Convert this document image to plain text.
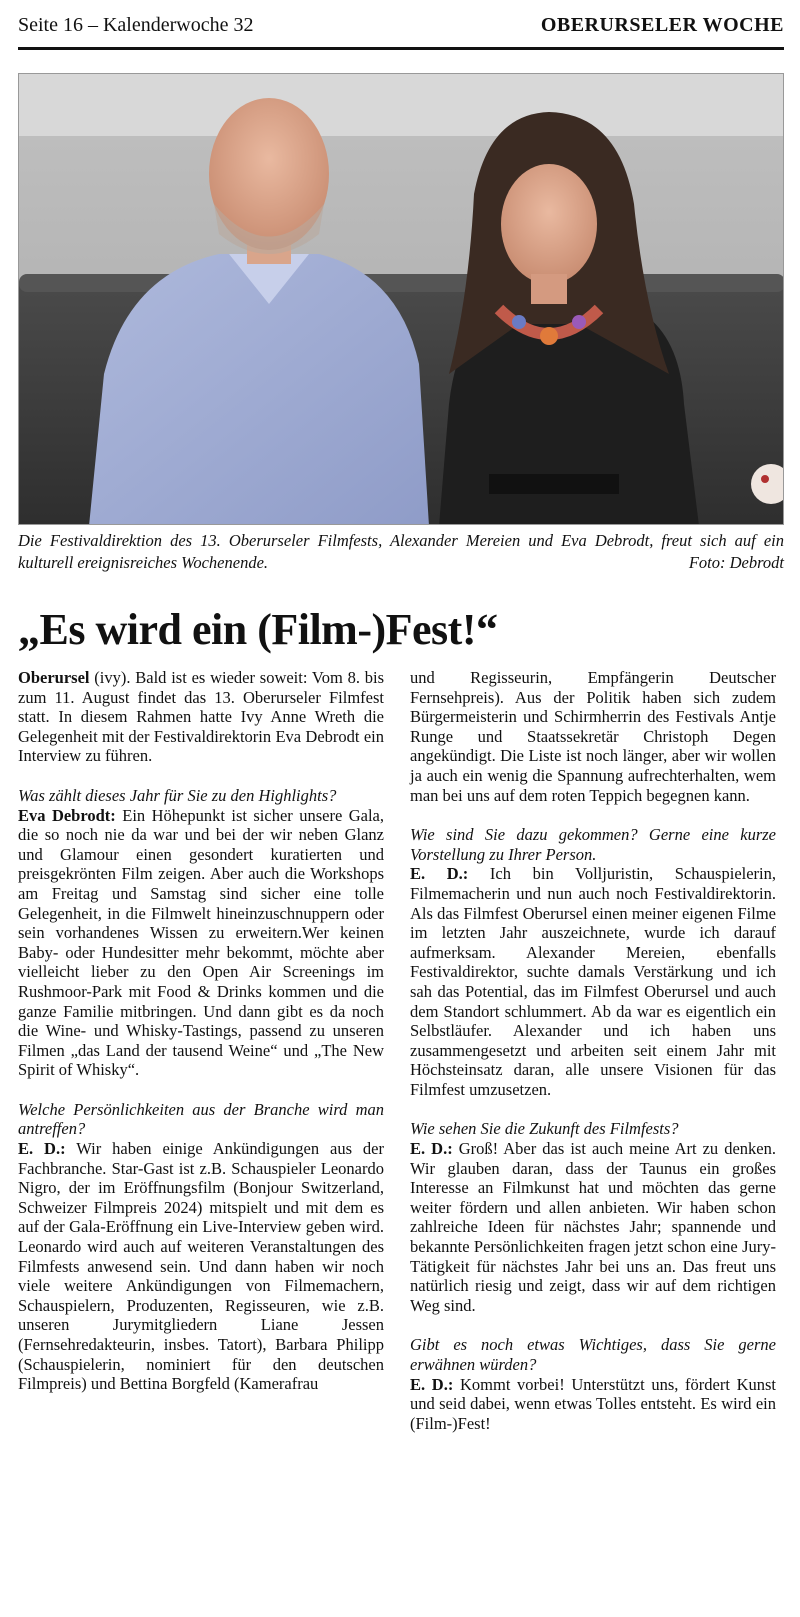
Seite 16 – Kalenderwoche 32	OBERURSELER WOCHE
Die Festivaldirektion des 13. Oberurseler Filmfests, Alexander Mereien und Eva Debrodt, freut sich auf ein kulturell ereignisreiches Wochenende.	Foto: Debrodt
„Es wird ein (Film-)Fest!“

Oberursel (ivy). Bald ist es wieder soweit: Vom 8. bis zum 11. August findet das 13. Oberurseler Filmfest statt. In diesem Rahmen hatte Ivy Anne Wreth die Gelegenheit mit der Festivaldirektorin Eva Debrodt ein Interview zu führen.

Was zählt dieses Jahr für Sie zu den Highlights?

Eva Debrodt: Ein Höhepunkt ist sicher unsere Gala, die so noch nie da war und bei der wir neben Glanz und Glamour einen gesondert kuratierten und preisgekrönten Film zeigen. Aber auch die Workshops am Freitag und Samstag sind sicher eine tolle Gelegenheit, in die Filmwelt hineinzuschnuppern oder sein vorhandenes Wissen zu erweitern.Wer keinen Baby- oder Hundesitter mehr bekommt, möchte aber vielleicht lieber zu den Open Air Screenings im Rushmoor-Park mit Food & Drinks kommen und die ganze Familie mitbringen. Und dann gibt es da noch die Wine- und Whisky-Tastings, passend zu unseren Filmen „das Land der tausend Weine“ und „The New Spirit of Whisky“.

Welche Persönlichkeiten aus der Branche wird man antreffen?

E. D.: Wir haben einige Ankündigungen aus der Fachbranche. Star-Gast ist z.B. Schauspieler Leonardo Nigro, der im Eröffnungsfilm (Bonjour Switzerland, Schweizer Filmpreis 2024) mitspielt und mit dem es auf der Gala-Eröffnung ein Live-Interview geben wird. Leonardo wird auch auf weiteren Veranstaltungen des Filmfests anwesend sein. Und dann haben wir noch viele weitere Ankündigungen von Filmemachern, Schauspielern, Produzenten, Regisseuren, wie z.B. unseren Jurymitgliedern Liane Jessen (Fernsehredakteurin, insbes. Tatort), Barbara Philipp (Schauspielerin, nominiert für den deutschen Filmpreis) und Bettina Borgfeld (Kamerafrau

und Regisseurin, Empfängerin Deutscher Fernsehpreis). Aus der Politik haben sich zudem Bürgermeisterin und Schirmherrin des Festivals Antje Runge und Staatssekretär Christoph Degen angekündigt. Die Liste ist noch länger, aber wir wollen ja auch ein wenig die Spannung aufrechterhalten, wem man bei uns auf dem roten Teppich begegnen kann.

Wie sind Sie dazu gekommen? Gerne eine kurze Vorstellung zu Ihrer Person.

E. D.: Ich bin Volljuristin, Schauspielerin, Filmemacherin und nun auch noch Festivaldirektorin. Als das Filmfest Oberursel einen meiner eigenen Filme im letzten Jahr auszeichnete, wurde ich darauf aufmerksam. Alexander Mereien, ebenfalls Festivaldirektor, suchte damals Verstärkung und ich sah das Potential, das im Filmfest Oberursel und auch dem Standort schlummert. Ab da war es eigentlich ein Selbstläufer. Alexander und ich haben uns zusammengesetzt und arbeiten seit einem Jahr mit Höchsteinsatz daran, alle unsere Visionen für das Filmfest umzusetzen.

Wie sehen Sie die Zukunft des Filmfests?

E. D.: Groß! Aber das ist auch meine Art zu denken. Wir glauben daran, dass der Taunus ein großes Interesse an Filmkunst hat und möchten das gerne weiter fördern und allen anbieten. Wir haben schon zahlreiche Ideen für nächstes Jahr; spannende und bekannte Persönlichkeiten fragen jetzt schon eine Jury-Tätigkeit für nächstes Jahr bei uns an. Das freut uns natürlich riesig und zeigt, dass wir auf dem richtigen Weg sind.

Gibt es noch etwas Wichtiges, dass Sie gerne erwähnen würden?

E. D.: Kommt vorbei! Unterstützt uns, fördert Kunst und seid dabei, wenn etwas Tolles entsteht. Es wird ein (Film-)Fest!
